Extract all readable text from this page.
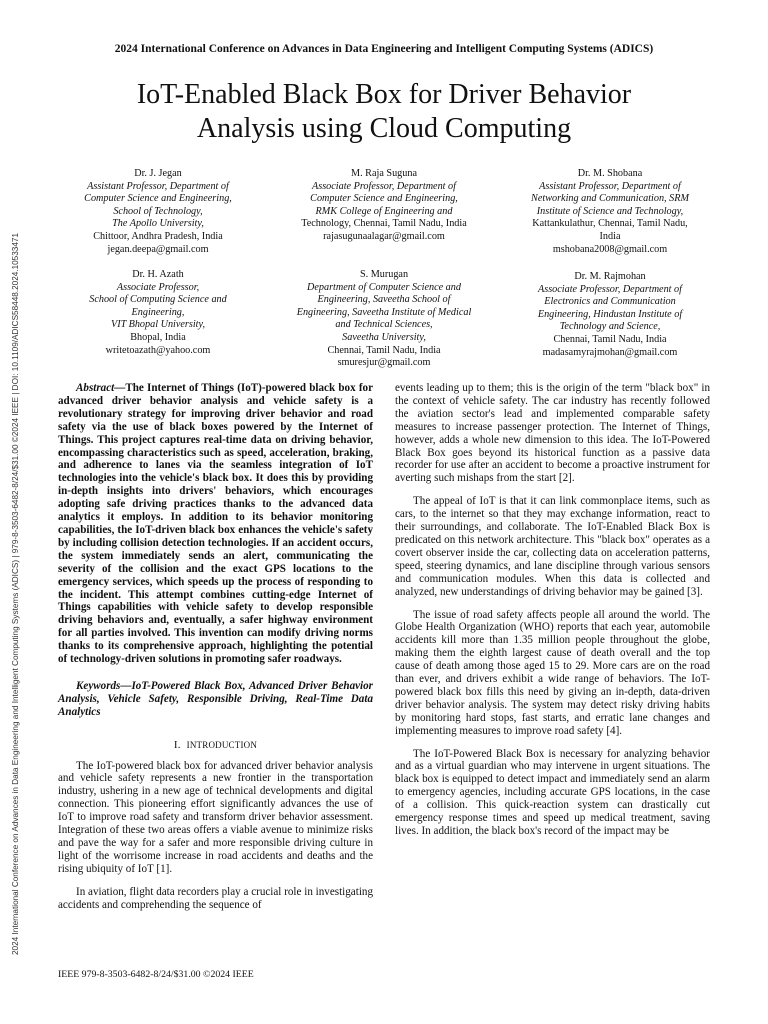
2024 International Conference on Advances in Data Engineering and Intelligent Computing Systems (ADICS) | 979-8-3503-6482-8/24/$31.00 ©2024 IEEE | DOI: 10.1109/ADICS58448.2024.10533471
2024 International Conference on Advances in Data Engineering and Intelligent Computing Systems (ADICS)
IoT-Enabled Black Box for Driver Behavior
Analysis using Cloud Computing
Dr. J. Jegan
Assistant Professor, Department of
Computer Science and Engineering,
School of Technology,
The Apollo University,
Chittoor, Andhra Pradesh, India
jegan.deepa@gmail.com
M. Raja Suguna
Associate Professor, Department of
Computer Science and Engineering,
RMK College of Engineering and
Technology, Chennai, Tamil Nadu, India
rajasugunaalagar@gmail.com
Dr. M. Shobana
Assistant Professor, Department of
Networking and Communication, SRM
Institute of Science and Technology,
Kattankulathur, Chennai, Tamil Nadu,
India
mshobana2008@gmail.com
Dr. H. Azath
Associate Professor,
School of Computing Science and
Engineering,
VIT Bhopal University,
Bhopal, India
writetoazath@yahoo.com
S. Murugan
Department of Computer Science and
Engineering, Saveetha School of
Engineering, Saveetha Institute of Medical
and Technical Sciences,
Saveetha University,
Chennai, Tamil Nadu, India
smuresjur@gmail.com
Dr. M. Rajmohan
Associate Professor, Department of
Electronics and Communication
Engineering, Hindustan Institute of
Technology and Science,
Chennai, Tamil Nadu, India
madasamyrajmohan@gmail.com

Abstract—The Internet of Things (IoT)-powered black box for advanced driver behavior analysis and vehicle safety is a revolutionary strategy for improving driver behavior and road safety via the use of black boxes powered by the Internet of Things. This project captures real-time data on driving behavior, encompassing characteristics such as speed, acceleration, braking, and adherence to lanes via the seamless integration of IoT technologies into the vehicle's black box. It does this by providing in-depth insights into drivers' behaviors, which encourages adopting safe driving practices thanks to the advanced data analytics it employs. In addition to its behavior monitoring capabilities, the IoT-driven black box enhances the vehicle's safety by including collision detection technologies. If an accident occurs, the system immediately sends an alert, communicating the severity of the collision and the exact GPS locations to the emergency services, which speeds up the process of responding to the incident. This attempt combines cutting-edge Internet of Things capabilities with vehicle safety to develop responsible driving behaviors and, eventually, a safer highway environment for all parties involved. This invention can modify driving norms thanks to its comprehensive approach, highlighting the potential of technology-driven solutions in promoting safer roadways.

Keywords—IoT-Powered Black Box, Advanced Driver Behavior Analysis, Vehicle Safety, Responsible Driving, Real-Time Data Analytics

I. INTRODUCTION

The IoT-powered black box for advanced driver behavior analysis and vehicle safety represents a new frontier in the transportation industry, ushering in a new age of technical developments and digital connection. This pioneering effort significantly advances the use of IoT to improve road safety and transform driver behavior assessment. Integration of these two areas offers a viable avenue to minimize risks and pave the way for a safer and more responsible driving culture in light of the worrisome increase in road accidents and deaths and the rising ubiquity of IoT [1].

In aviation, flight data recorders play a crucial role in investigating accidents and comprehending the sequence of

events leading up to them; this is the origin of the term "black box" in the context of vehicle safety. The car industry has recently followed the aviation sector's lead and implemented comparable safety measures to increase passenger protection. The Internet of Things, however, adds a whole new dimension to this idea. The IoT-Powered Black Box goes beyond its historical function as a passive data recorder for use after an accident to become a proactive instrument for averting such mishaps from the start [2].

The appeal of IoT is that it can link commonplace items, such as cars, to the internet so that they may exchange information, react to their surroundings, and collaborate. The IoT-Enabled Black Box is predicated on this network architecture. This "black box" operates as a covert observer inside the car, collecting data on acceleration patterns, speed, steering dynamics, and lane discipline through various sensors and communication modules. When this data is collected and analyzed, new understandings of driving behavior may be gained [3].

The issue of road safety affects people all around the world. The Globe Health Organization (WHO) reports that each year, automobile accidents kill more than 1.35 million people throughout the globe, making them the eighth largest cause of death overall and the top cause of death among those aged 15 to 29. More cars are on the road than ever, and drivers exhibit a wide range of behaviors. The IoT-powered black box fills this need by giving an in-depth, data-driven driver behavior analysis. The system may detect risky driving habits by monitoring hard stops, fast starts, and erratic lane changes and implementing measures to improve road safety [4].

The IoT-Powered Black Box is necessary for analyzing behavior and as a virtual guardian who may intervene in urgent situations. The black box is equipped to detect impact and immediately send an alarm to emergency agencies, including accurate GPS locations, in the case of a collision. This quick-reaction system can drastically cut emergency response times and speed up medical treatment, saving lives. In addition, the black box's record of the impact may be

IEEE 979-8-3503-6482-8/24/$31.00 ©2024 IEEE
